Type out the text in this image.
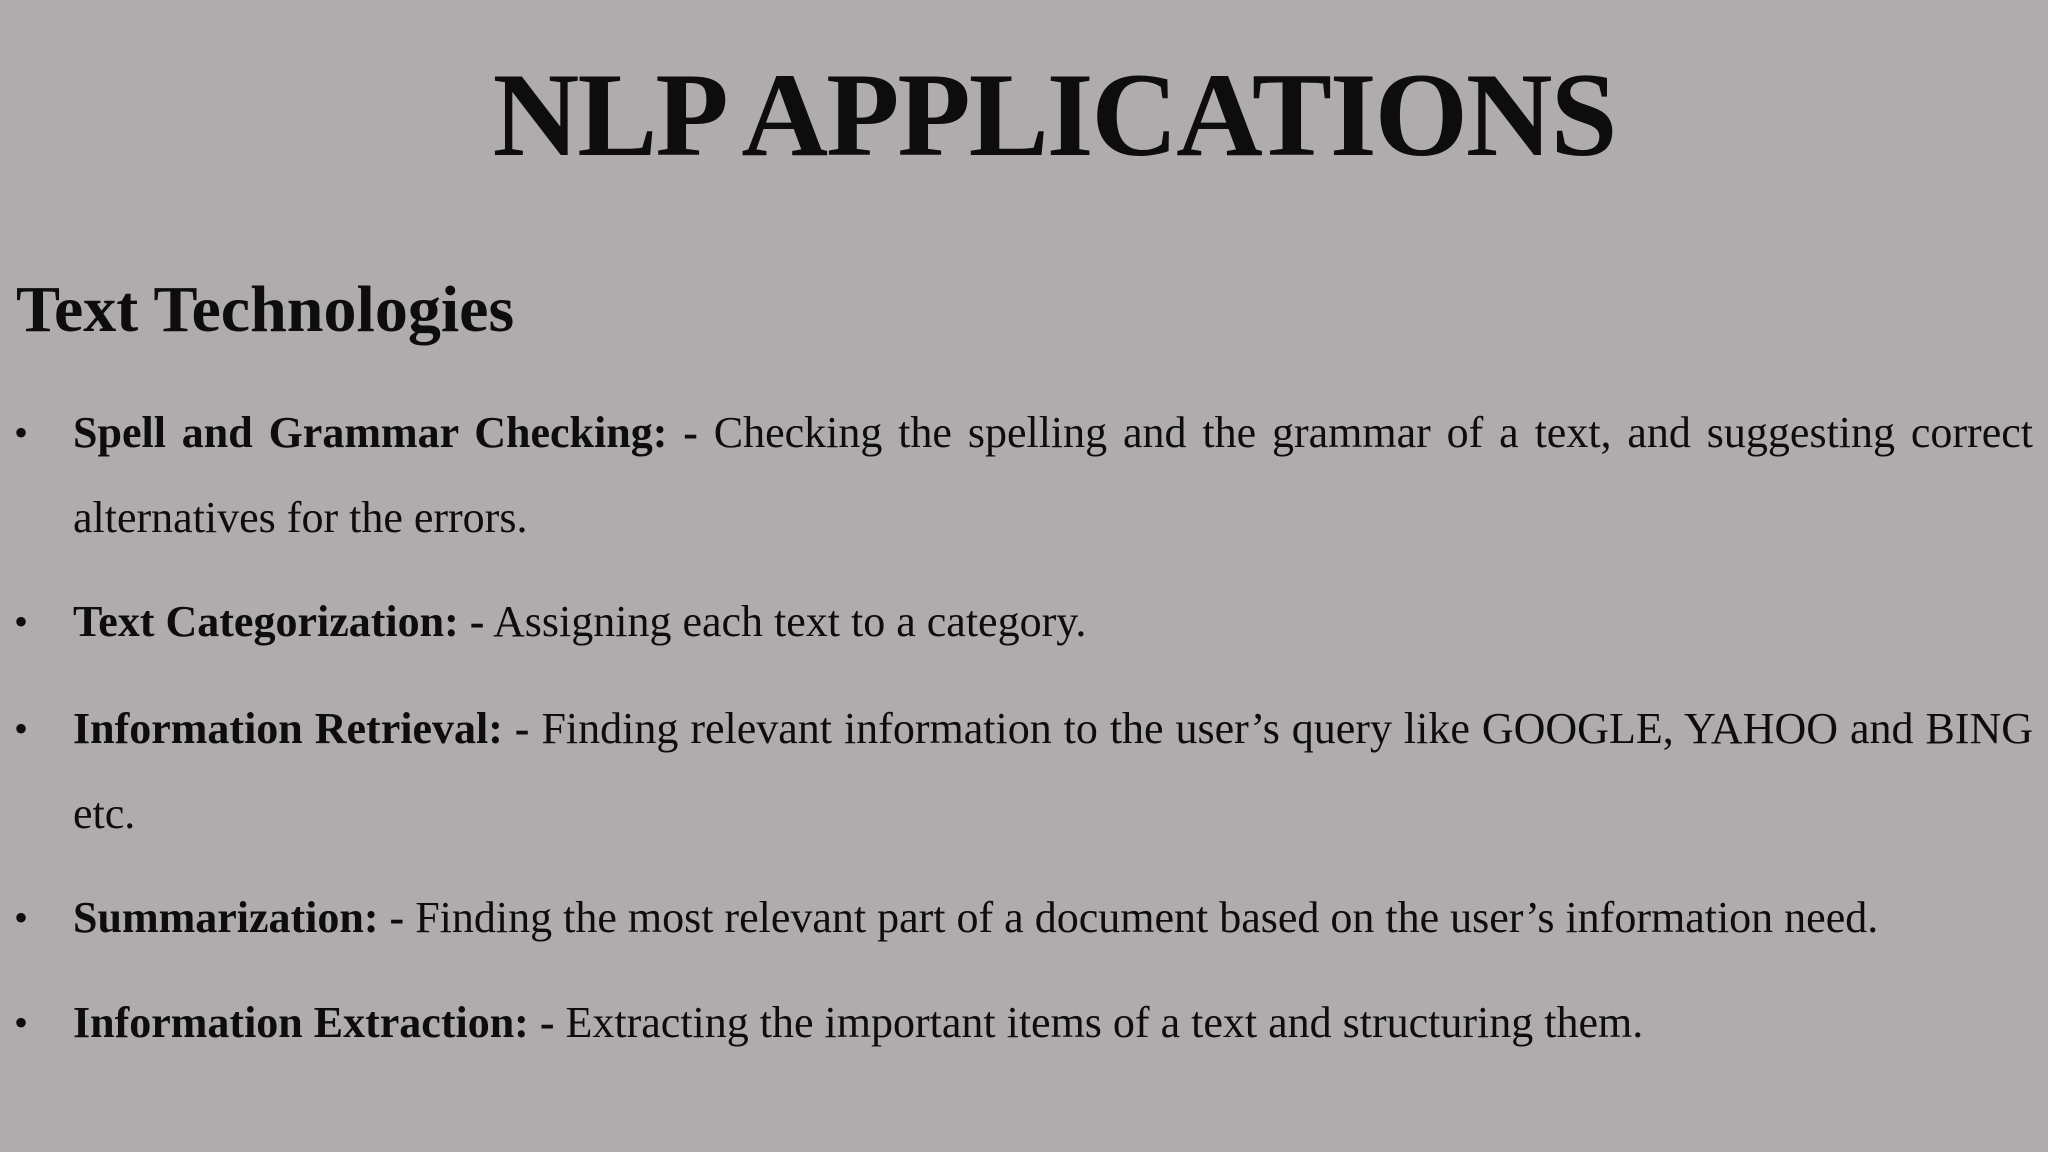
NLP APPLICATIONS
Text Technologies
• Spell and Grammar Checking: - Checking the spelling and the grammar of a text, and suggesting correct alternatives for the errors.
• Text Categorization: - Assigning each text to a category.
• Information Retrieval: - Finding relevant information to the user’s query like GOOGLE, YAHOO and BING etc.
• Summarization: - Finding the most relevant part of a document based on the user’s information need.
• Information Extraction: - Extracting the important items of a text and structuring them.
